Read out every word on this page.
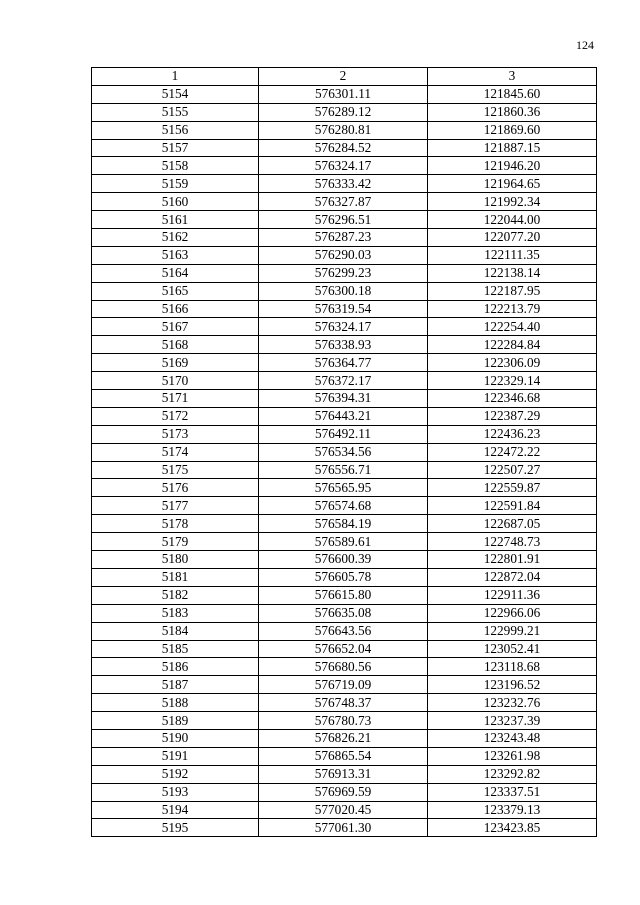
124
1	2	3
5154	576301.11	121845.60
5155	576289.12	121860.36
5156	576280.81	121869.60
5157	576284.52	121887.15
5158	576324.17	121946.20
5159	576333.42	121964.65
5160	576327.87	121992.34
5161	576296.51	122044.00
5162	576287.23	122077.20
5163	576290.03	122111.35
5164	576299.23	122138.14
5165	576300.18	122187.95
5166	576319.54	122213.79
5167	576324.17	122254.40
5168	576338.93	122284.84
5169	576364.77	122306.09
5170	576372.17	122329.14
5171	576394.31	122346.68
5172	576443.21	122387.29
5173	576492.11	122436.23
5174	576534.56	122472.22
5175	576556.71	122507.27
5176	576565.95	122559.87
5177	576574.68	122591.84
5178	576584.19	122687.05
5179	576589.61	122748.73
5180	576600.39	122801.91
5181	576605.78	122872.04
5182	576615.80	122911.36
5183	576635.08	122966.06
5184	576643.56	122999.21
5185	576652.04	123052.41
5186	576680.56	123118.68
5187	576719.09	123196.52
5188	576748.37	123232.76
5189	576780.73	123237.39
5190	576826.21	123243.48
5191	576865.54	123261.98
5192	576913.31	123292.82
5193	576969.59	123337.51
5194	577020.45	123379.13
5195	577061.30	123423.85
